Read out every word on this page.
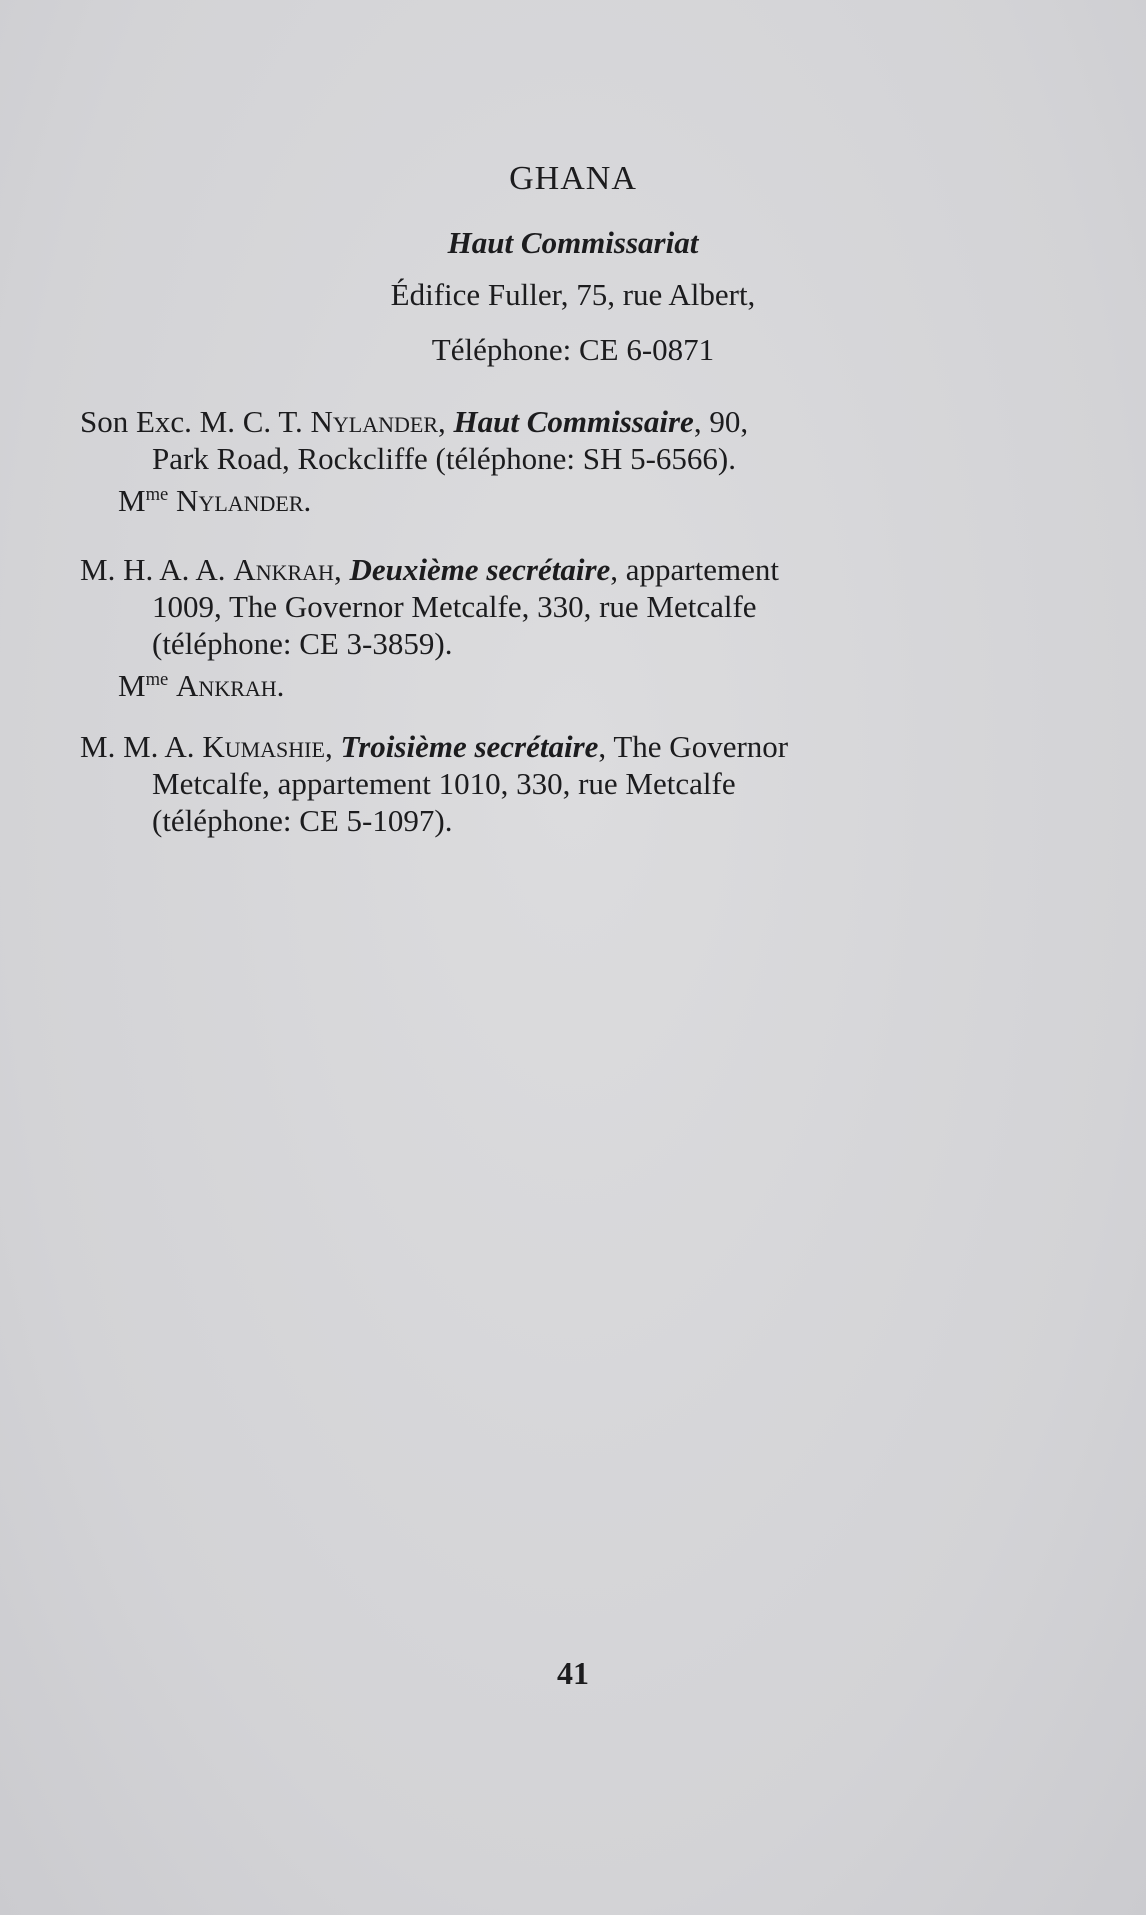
GHANA
Haut Commissariat
Édifice Fuller, 75, rue Albert,
Téléphone: CE 6-0871
Son Exc. M. C. T. Nylander, Haut Commissaire, 90,
Park Road, Rockcliffe (téléphone: SH 5-6566).
$M^{me}$ Nylander.
M. H. A. A. Ankrah, Deuxième secrétaire, appartement
1009, The Governor Metcalfe, 330, rue Metcalfe
(téléphone: CE 3-3859).
$M^{me}$ Ankrah.
M. M. A. Kumashie, Troisième secrétaire, The Governor
Metcalfe, appartement 1010, 330, rue Metcalfe
(téléphone: CE 5-1097).
41
